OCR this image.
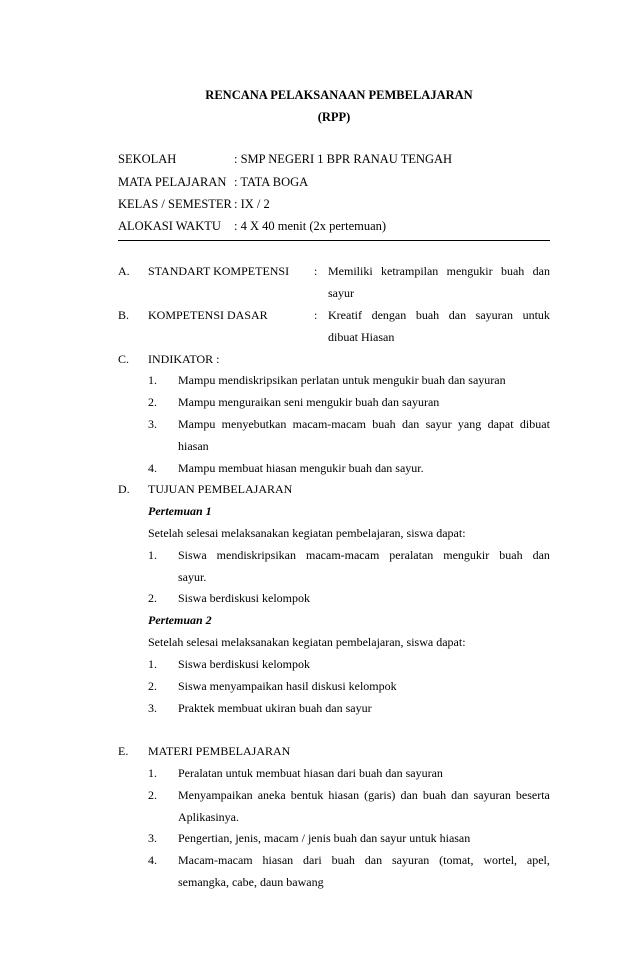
RENCANA PELAKSANAAN PEMBELAJARAN
(RPP)
SEKOLAH	: SMP NEGERI 1 BPR RANAU TENGAH
MATA PELAJARAN : TATA BOGA
KELAS / SEMESTER : IX / 2
ALOKASI WAKTU : 4 X 40 menit (2x pertemuan)
A. STANDART KOMPETENSI : Memiliki ketrampilan mengukir buah dan
sayur
B. KOMPETENSI DASAR	: Kreatif dengan buah dan sayuran untuk
dibuat Hiasan
C. INDIKATOR :
1. Mampu mendiskripsikan perlatan untuk mengukir buah dan sayuran
2. Mampu menguraikan seni mengukir buah dan sayuran
3. Mampu menyebutkan macam-macam buah dan sayur yang dapat dibuat
hiasan
4. Mampu membuat hiasan mengukir buah dan sayur.
D. TUJUAN PEMBELAJARAN
Pertemuan 1
Setelah selesai melaksanakan kegiatan pembelajaran, siswa dapat:
1. Siswa mendiskripsikan macam-macam peralatan mengukir buah dan
sayur.
2. Siswa berdiskusi kelompok
Pertemuan 2
Setelah selesai melaksanakan kegiatan pembelajaran, siswa dapat:
1. Siswa berdiskusi kelompok
2. Siswa menyampaikan hasil diskusi kelompok
3. Praktek membuat ukiran buah dan sayur
E. MATERI PEMBELAJARAN
1. Peralatan untuk membuat hiasan dari buah dan sayuran
2. Menyampaikan aneka bentuk hiasan (garis) dan buah dan sayuran beserta
Aplikasinya.
3. Pengertian, jenis, macam / jenis buah dan sayur untuk hiasan
4. Macam-macam hiasan dari buah dan sayuran (tomat, wortel, apel,
semangka, cabe, daun bawang
